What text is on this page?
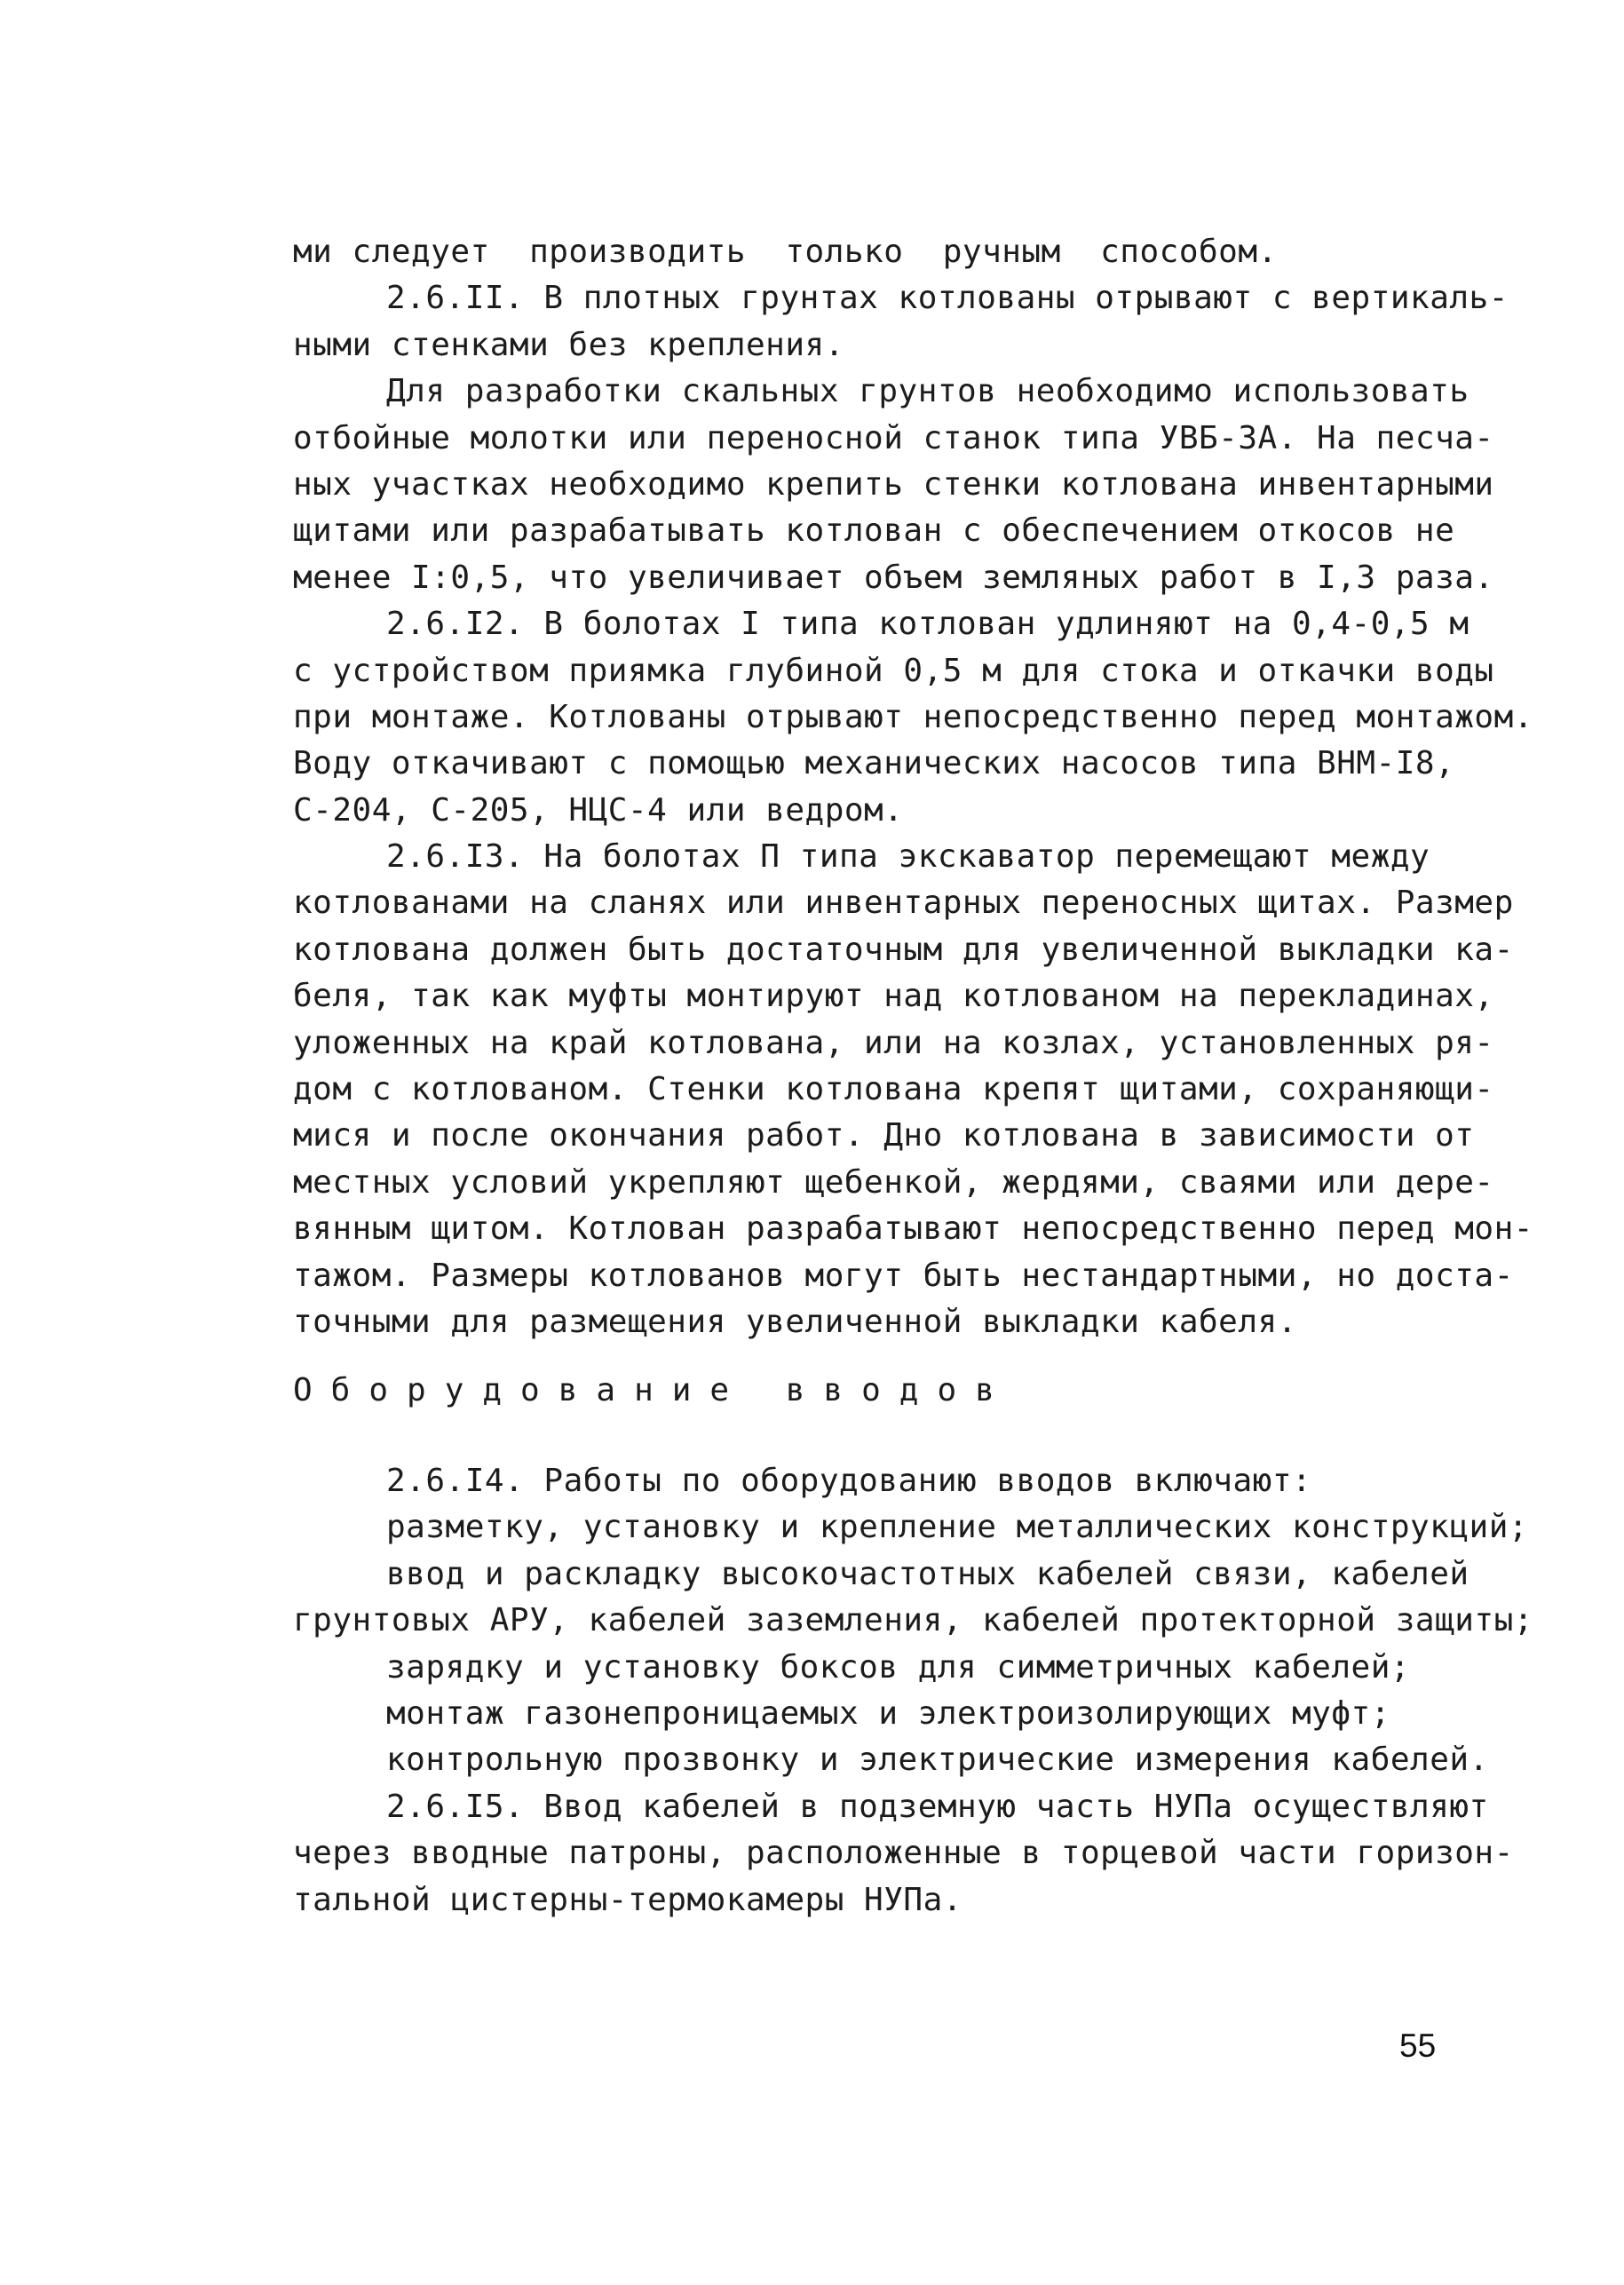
ми следует  производить  только  ручным  способом.
2.6.II. В плотных грунтах котлованы отрывают с вертикаль-
ными стенками без крепления.
Для разработки скальных грунтов необходимо использовать
отбойные молотки или переносной станок типа УВБ-ЗА. На песча-
ных участках необходимо крепить стенки котлована инвентарными
щитами или разрабатывать котлован с обеспечением откосов не
менее I:0,5, что увеличивает объем земляных работ в I,3 раза.
2.6.I2. В болотах I типа котлован удлиняют на 0,4-0,5 м
с устройством приямка глубиной 0,5 м для стока и откачки воды
при монтаже. Котлованы отрывают непосредственно перед монтажом.
Воду откачивают с помощью механических насосов типа ВНМ-I8,
С-204, С-205, НЦС-4 или ведром.
2.6.I3. На болотах П типа экскаватор перемещают между
котлованами на сланях или инвентарных переносных щитах. Размер
котлована должен быть достаточным для увеличенной выкладки ка-
беля, так как муфты монтируют над котлованом на перекладинах,
уложенных на край котлована, или на козлах, установленных ря-
дом с котлованом. Стенки котлована крепят щитами, сохраняющи-
мися и после окончания работ. Дно котлована в зависимости от
местных условий укрепляют щебенкой, жердями, сваями или дере-
вянным щитом. Котлован разрабатывают непосредственно перед мон-
тажом. Размеры котлованов могут быть нестандартными, но доста-
точными для размещения увеличенной выкладки кабеля.
Оборудование вводов
2.6.I4. Работы по оборудованию вводов включают:
разметку, установку и крепление металлических конструкций;
ввод и раскладку высокочастотных кабелей связи, кабелей
грунтовых АРУ, кабелей заземления, кабелей протекторной защиты;
зарядку и установку боксов для симметричных кабелей;
монтаж газонепроницаемых и электроизолирующих муфт;
контрольную прозвонку и электрические измерения кабелей.
2.6.I5. Ввод кабелей в подземную часть НУПа осуществляют
через вводные патроны, расположенные в торцевой части горизон-
тальной цистерны-термокамеры НУПа.
55
